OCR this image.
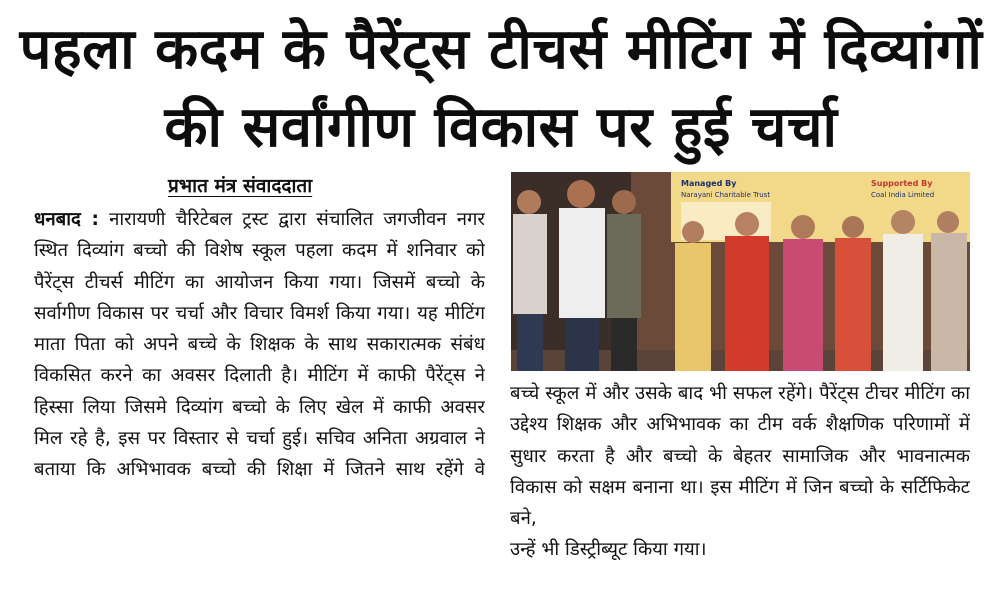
पहला कदम के पैरेंट्स टीचर्स मीटिंग में दिव्यांगों
की सर्वांगीण विकास पर हुई चर्चा
प्रभात मंत्र संवाददाता

धनबाद : नारायणी चैरिटेबल ट्रस्ट द्वारा संचालित जगजीवन नगर स्थित दिव्यांग बच्चो की विशेष स्कूल पहला कदम में शनिवार को पैरेंट्स टीचर्स मीटिंग का आयोजन किया गया। जिसमें बच्चो के सर्वागीण विकास पर चर्चा और विचार विमर्श किया गया। यह मीटिंग माता पिता को अपने बच्चे के शिक्षक के साथ सकारात्मक संबंध विकसित करने का अवसर दिलाती है। मीटिंग में काफी पैरेंट्स ने हिस्सा लिया जिसमे दिव्यांग बच्चो के लिए खेल में काफी अवसर मिल रहे है, इस पर विस्तार से चर्चा हुई। सचिव अनिता अग्रवाल ने बताया कि अभिभावक बच्चो की शिक्षा में जितने साथ रहेंगे वे

Managed By
Narayani Charitable Trust
Supported By
Coal India Limited

बच्चे स्कूल में और उसके बाद भी सफल रहेंगे। पैरेंट्स टीचर मीटिंग का उद्देश्य शिक्षक और अभिभावक का टीम वर्क शैक्षणिक परिणामों में सुधार करता है और बच्चो के बेहतर सामाजिक और भावनात्मक विकास को सक्षम बनाना था। इस मीटिंग में जिन बच्चो के सर्टिफिकेट बने,

उन्हें भी डिस्ट्रीब्यूट किया गया।
